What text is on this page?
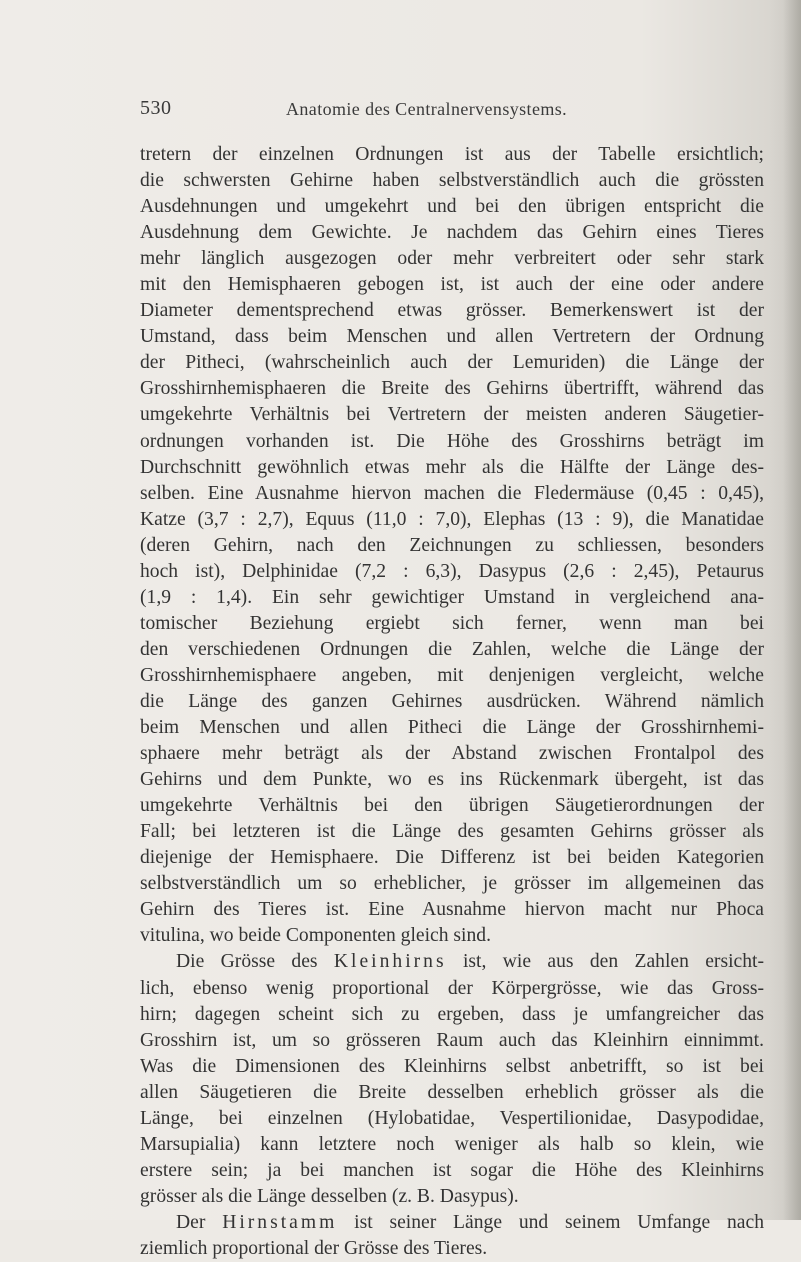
530	Anatomie des Centralnervensystems.
tretern der einzelnen Ordnungen ist aus der Tabelle ersichtlich;
die schwersten Gehirne haben selbstverständlich auch die grössten
Ausdehnungen und umgekehrt und bei den übrigen entspricht die
Ausdehnung dem Gewichte. Je nachdem das Gehirn eines Tieres
mehr länglich ausgezogen oder mehr verbreitert oder sehr stark
mit den Hemisphaeren gebogen ist, ist auch der eine oder andere
Diameter dementsprechend etwas grösser. Bemerkenswert ist der
Umstand, dass beim Menschen und allen Vertretern der Ordnung
der Pitheci, (wahrscheinlich auch der Lemuriden) die Länge der
Grosshirnhemisphaeren die Breite des Gehirns übertrifft, während das
umgekehrte Verhältnis bei Vertretern der meisten anderen Säugetier-
ordnungen vorhanden ist. Die Höhe des Grosshirns beträgt im
Durchschnitt gewöhnlich etwas mehr als die Hälfte der Länge des-
selben. Eine Ausnahme hiervon machen die Fledermäuse (0,45 : 0,45),
Katze (3,7 : 2,7), Equus (11,0 : 7,0), Elephas (13 : 9), die Manatidae
(deren Gehirn, nach den Zeichnungen zu schliessen, besonders
hoch ist), Delphinidae (7,2 : 6,3), Dasypus (2,6 : 2,45), Petaurus
(1,9 : 1,4). Ein sehr gewichtiger Umstand in vergleichend ana-
tomischer Beziehung ergiebt sich ferner, wenn man bei
den verschiedenen Ordnungen die Zahlen, welche die Länge der
Grosshirnhemisphaere angeben, mit denjenigen vergleicht, welche
die Länge des ganzen Gehirnes ausdrücken. Während nämlich
beim Menschen und allen Pitheci die Länge der Grosshirnhemi-
sphaere mehr beträgt als der Abstand zwischen Frontalpol des
Gehirns und dem Punkte, wo es ins Rückenmark übergeht, ist das
umgekehrte Verhältnis bei den übrigen Säugetierordnungen der
Fall; bei letzteren ist die Länge des gesamten Gehirns grösser als
diejenige der Hemisphaere. Die Differenz ist bei beiden Kategorien
selbstverständlich um so erheblicher, je grösser im allgemeinen das
Gehirn des Tieres ist. Eine Ausnahme hiervon macht nur Phoca
vitulina, wo beide Componenten gleich sind.
Die Grösse des Kleinhirns ist, wie aus den Zahlen ersicht-
lich, ebenso wenig proportional der Körpergrösse, wie das Gross-
hirn; dagegen scheint sich zu ergeben, dass je umfangreicher das
Grosshirn ist, um so grösseren Raum auch das Kleinhirn einnimmt.
Was die Dimensionen des Kleinhirns selbst anbetrifft, so ist bei
allen Säugetieren die Breite desselben erheblich grösser als die
Länge, bei einzelnen (Hylobatidae, Vespertilionidae, Dasypodidae,
Marsupialia) kann letztere noch weniger als halb so klein, wie
erstere sein; ja bei manchen ist sogar die Höhe des Kleinhirns
grösser als die Länge desselben (z. B. Dasypus).
Der Hirnstamm ist seiner Länge und seinem Umfange nach
ziemlich proportional der Grösse des Tieres.
